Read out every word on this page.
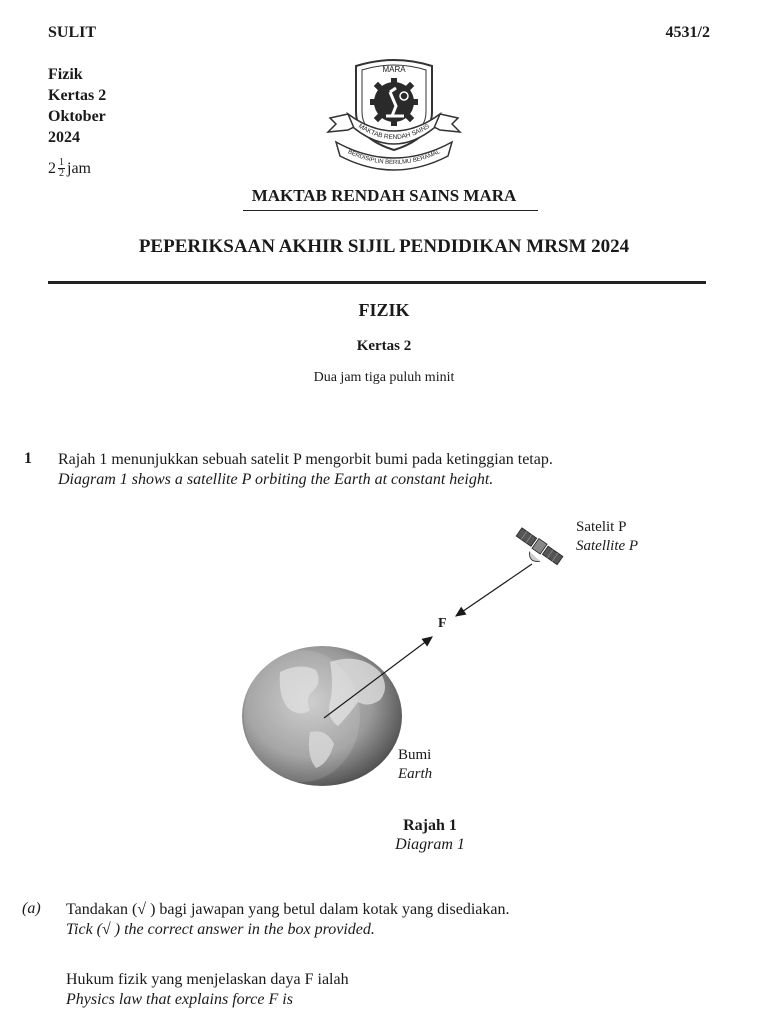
SULIT	4531/2
Fizik
Kertas 2
Oktober
2024
$2 \frac{1}{2}$ jam
MARA
MAKTAB RENDAH SAINS
BERDISIPLIN BERILMU BERAMAL
MAKTAB RENDAH SAINS MARA
PEPERIKSAAN AKHIR SIJIL PENDIDIKAN MRSM 2024
FIZIK
Kertas 2
Dua jam tiga puluh minit
1 Rajah 1 menunjukkan sebuah satelit P mengorbit bumi pada ketinggian tetap.
Diagram 1 shows a satellite P orbiting the Earth at constant height.
Satelit P
Satellite P
F
Bumi
Earth
Rajah 1
Diagram 1
(a) Tandakan (√ ) bagi jawapan yang betul dalam kotak yang disediakan.
Tick (√ ) the correct answer in the box provided.
Hukum fizik yang menjelaskan daya F ialah
Physics law that explains force F is
